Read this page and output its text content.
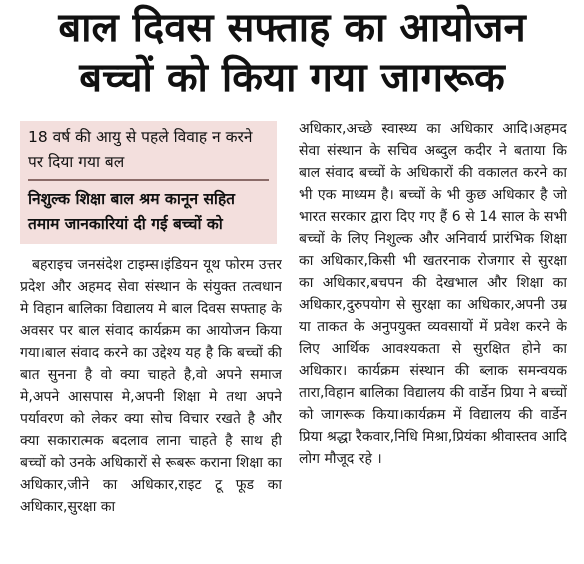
बाल दिवस सफ्ताह का आयोजन
बच्चों को किया गया जागरूक
18 वर्ष की आयु से पहले विवाह न करने पर दिया गया बल
निशुल्क शिक्षा बाल श्रम कानून सहित तमाम जानकारियां दी गई बच्चों को

बहराइच जनसंदेश टाइम्स।इंडियन यूथ फोरम उत्तर प्रदेश और अहमद सेवा संस्थान के संयुक्त तत्वधान मे विहान बालिका विद्यालय मे बाल दिवस सफ्ताह के अवसर पर बाल संवाद कार्यक्रम का आयोजन किया गया।बाल संवाद करने का उद्देश्य यह है कि बच्चों की बात सुनना है वो क्या चाहते है,वो अपने समाज मे,अपने आसपास मे,अपनी शिक्षा मे तथा अपने पर्यावरण को लेकर क्या सोच विचार रखते है और क्या सकारात्मक बदलाव लाना चाहते है साथ ही बच्चों को उनके अधिकारों से रूबरू कराना शिक्षा का अधिकार,जीने का अधिकार,राइट टू फूड का अधिकार,सुरक्षा का

अधिकार,अच्छे स्वास्थ्य का अधिकार आदि।अहमद सेवा संस्थान के सचिव अब्दुल कदीर ने बताया कि बाल संवाद बच्चों के अधिकारों की वकालत करने का भी एक माध्यम है। बच्चों के भी कुछ अधिकार है जो भारत सरकार द्वारा दिए गए हैं 6 से 14 साल के सभी बच्चों के लिए निशुल्क और अनिवार्य प्रारंभिक शिक्षा का अधिकार,किसी भी खतरनाक रोजगार से सुरक्षा का अधिकार,बचपन की देखभाल और शिक्षा का अधिकार,दुरुपयोग से सुरक्षा का अधिकार,अपनी उम्र या ताकत के अनुपयुक्त व्यवसायों में प्रवेश करने के लिए आर्थिक आवश्यकता से सुरक्षित होने का अधिकार। कार्यक्रम संस्थान की ब्लाक समन्वयक तारा,विहान बालिका विद्यालय की वार्डेन प्रिया ने बच्चों को जागरूक किया।कार्यक्रम में विद्यालय की वार्डेन प्रिया श्रद्धा रैकवार,निधि मिश्रा,प्रियंका श्रीवास्तव आदि लोग मौजूद रहे ।
